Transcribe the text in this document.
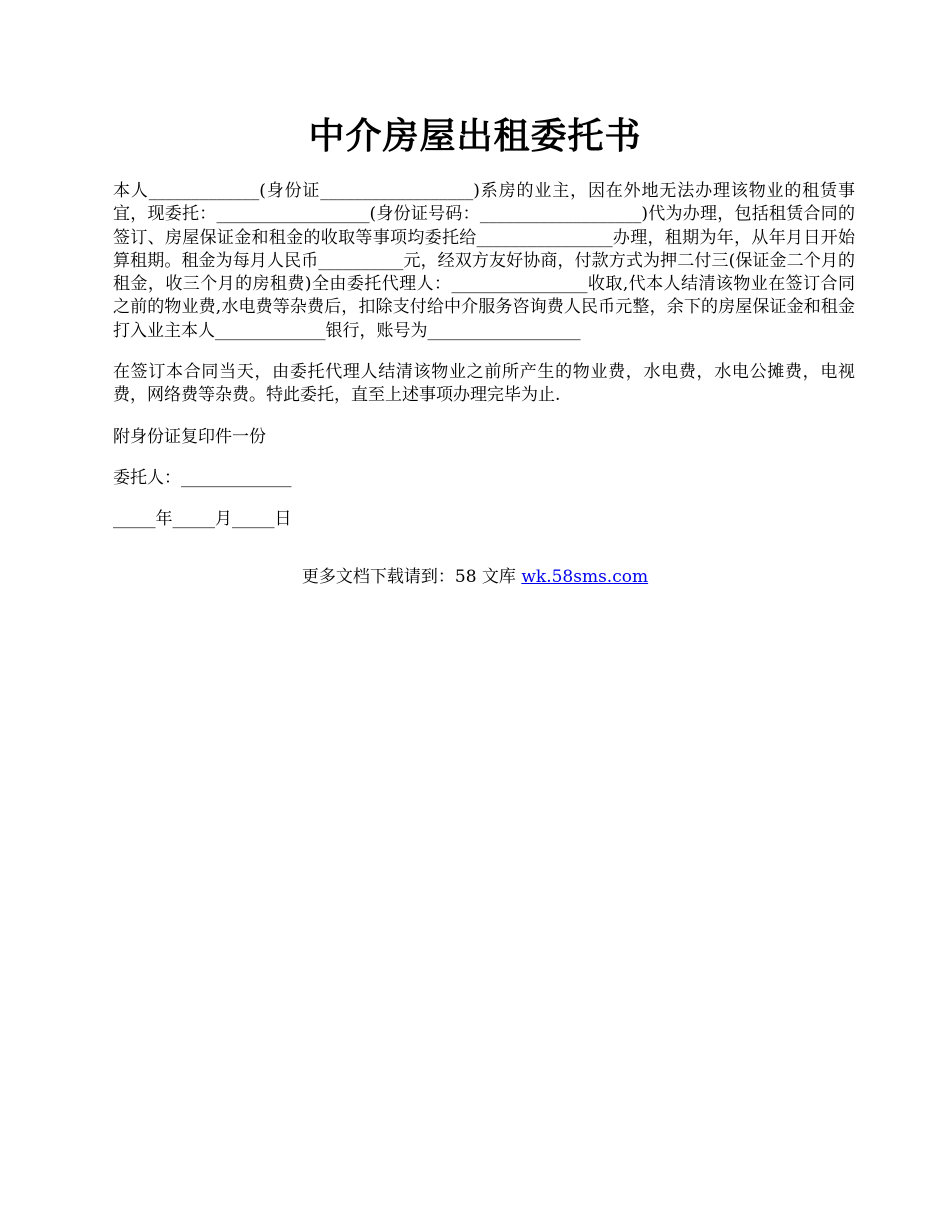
中介房屋出租委托书

本人_____________(身份证__________________)系房的业主，因在外地无法办理该物业的租赁事宜，现委托：__________________(身份证号码：___________________)代为办理，包括租赁合同的签订、房屋保证金和租金的收取等事项均委托给________________办理，租期为年，从年月日开始算租期。租金为每月人民币__________元，经双方友好协商，付款方式为押二付三(保证金二个月的租金，收三个月的房租费)全由委托代理人：________________收取,代本人结清该物业在签订合同之前的物业费,水电费等杂费后，扣除支付给中介服务咨询费人民币元整，余下的房屋保证金和租金打入业主本人_____________银行，账号为__________________

在签订本合同当天，由委托代理人结清该物业之前所产生的物业费，水电费，水电公摊费，电视费，网络费等杂费。特此委托，直至上述事项办理完毕为止.

附身份证复印件一份

委托人：_____________

_____年_____月_____日

更多文档下载请到：58 文库 wk.58sms.com
